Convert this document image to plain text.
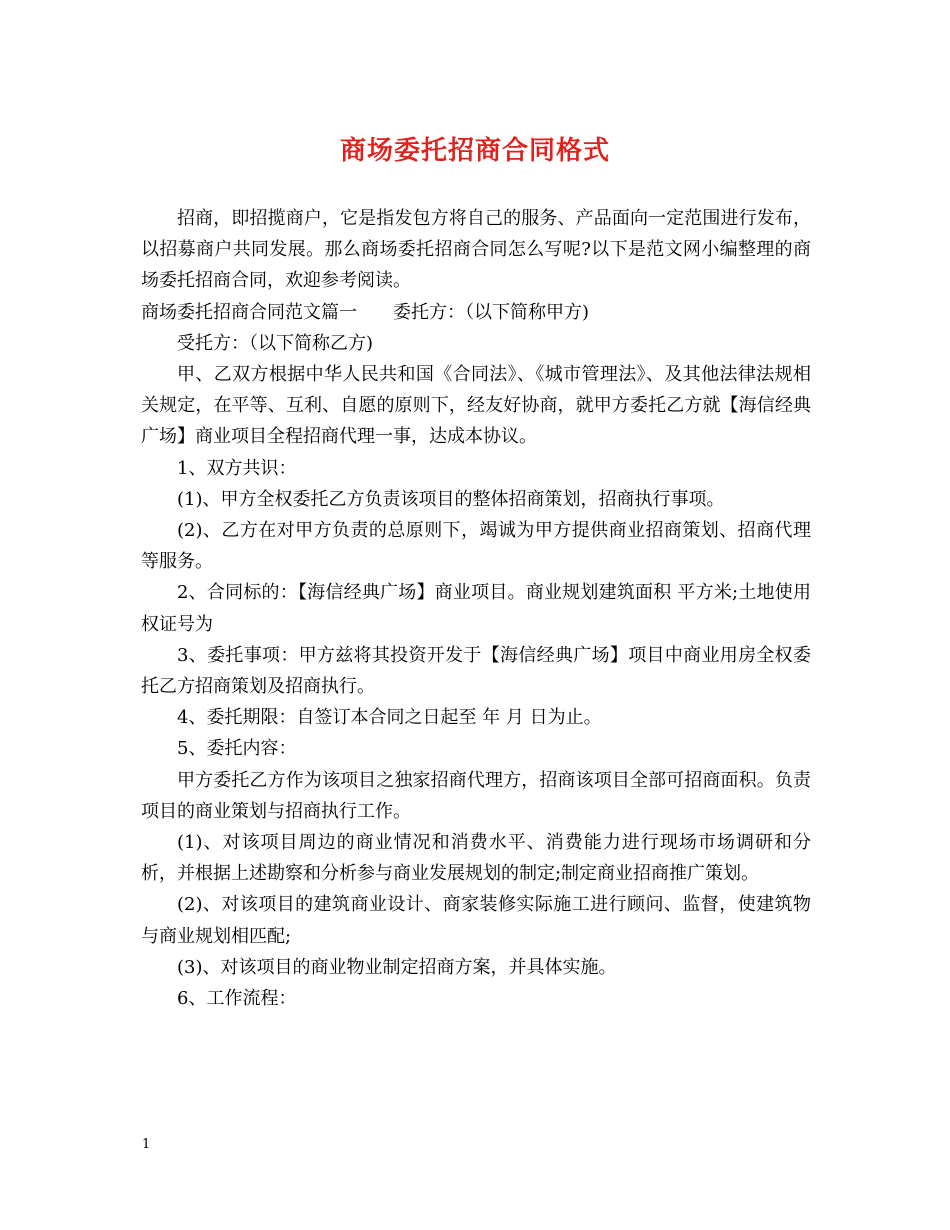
商场委托招商合同格式

招商，即招揽商户，它是指发包方将自己的服务、产品面向一定范围进行发布，以招募商户共同发展。那么商场委托招商合同怎么写呢?以下是范文网小编整理的商场委托招商合同，欢迎参考阅读。

商场委托招商合同范文篇一　　委托方：（以下简称甲方)

受托方：（以下简称乙方)

甲、乙双方根据中华人民共和国《合同法》、《城市管理法》、及其他法律法规相关规定，在平等、互利、自愿的原则下，经友好协商，就甲方委托乙方就【海信经典广场】商业项目全程招商代理一事，达成本协议。

1、双方共识：

(1)、甲方全权委托乙方负责该项目的整体招商策划，招商执行事项。

(2)、乙方在对甲方负责的总原则下，竭诚为甲方提供商业招商策划、招商代理等服务。

2、合同标的：【海信经典广场】商业项目。商业规划建筑面积 平方米;土地使用权证号为

3、委托事项：甲方兹将其投资开发于【海信经典广场】项目中商业用房全权委托乙方招商策划及招商执行。

4、委托期限：自签订本合同之日起至 年 月 日为止。

5、委托内容：

甲方委托乙方作为该项目之独家招商代理方，招商该项目全部可招商面积。负责项目的商业策划与招商执行工作。

(1)、对该项目周边的商业情况和消费水平、消费能力进行现场市场调研和分析，并根据上述勘察和分析参与商业发展规划的制定;制定商业招商推广策划。

(2)、对该项目的建筑商业设计、商家装修实际施工进行顾问、监督，使建筑物与商业规划相匹配;

(3)、对该项目的商业物业制定招商方案，并具体实施。

6、工作流程：

1
